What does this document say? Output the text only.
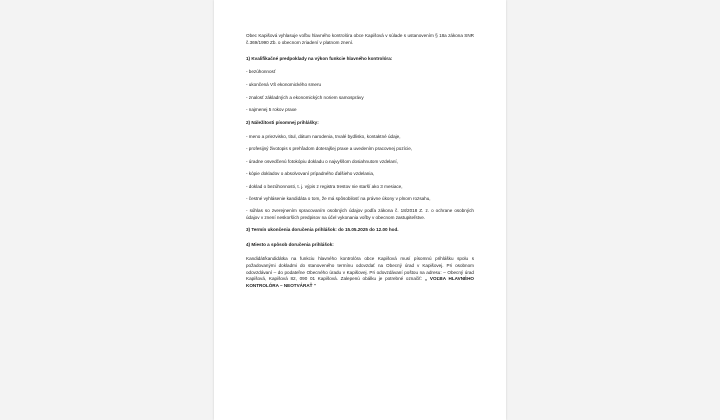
Obec Kapišová vyhlasuje voľbu hlavného kontrolóra obce Kapišová v súlade s ustanovením § 18a zákona SNR č.369/1990 Zb. o obecnom zriadení v platnom znení.

1) Kvalifikačné predpoklady na výkon funkcie hlavného kontrolóra:

- bezúhonnosť

- ukončená VŠ ekonomického smeru

- znalosť základných a ekonomických noriem samosprávy

- najmenej 5 rokov praxe

2) Náležitosti písomnej prihlášky:

- meno a priezvisko, titul, dátum narodenia, trvalé bydlisko, kontaktné údaje,

- profesijný životopis s prehľadom doterajšej praxe a uvedením pracovnej pozície,

- úradne osvedčenú fotokópiu dokladu o najvyššom dosiahnutom vzdelaní,

- kópie dokladov o absolvovaní prípadného ďalšieho vzdelania,

- doklad o bezúhonnosti, t. j. výpis z registra trestov nie starší ako 3 mesiace,

- čestné vyhlásenie kandidáta o tom, že má spôsobilosť na právne úkony v plnom rozsahu,

- súhlas so zverejnením spracovaním osobných údajov podľa zákona č. 18/2018 Z. z. o ochrane osobných údajov v znení neskorších predpisov na účel vykonania voľby v obecnom zastupiteľstve.

3) Termín ukončenia doručenia prihlášok: do 15.05.2025 do 12.00 hod.

4) Miesto a spôsob doručenia prihlášok:

Kandidát/kandidátka na funkciu hlavného kontrolóra obce Kapišová musí písomnú prihlášku spolu s požadovanými dokladmi do stanoveného termínu odovzdať na Obecný úrad v Kapišovej. Pri osobnom odovzdávaní – do podateľne Obecného úradu v Kapišovej. Pri odovzdávaní poštou na adresu: – Obecný úrad Kapišová, Kapišová 82, 090 01 Kapišová. Zalepenú obálku je potrebné označiť: „ VOĽBA HLAVNÉHO KONTROLÓRA – NEOTVÁRAŤ “
